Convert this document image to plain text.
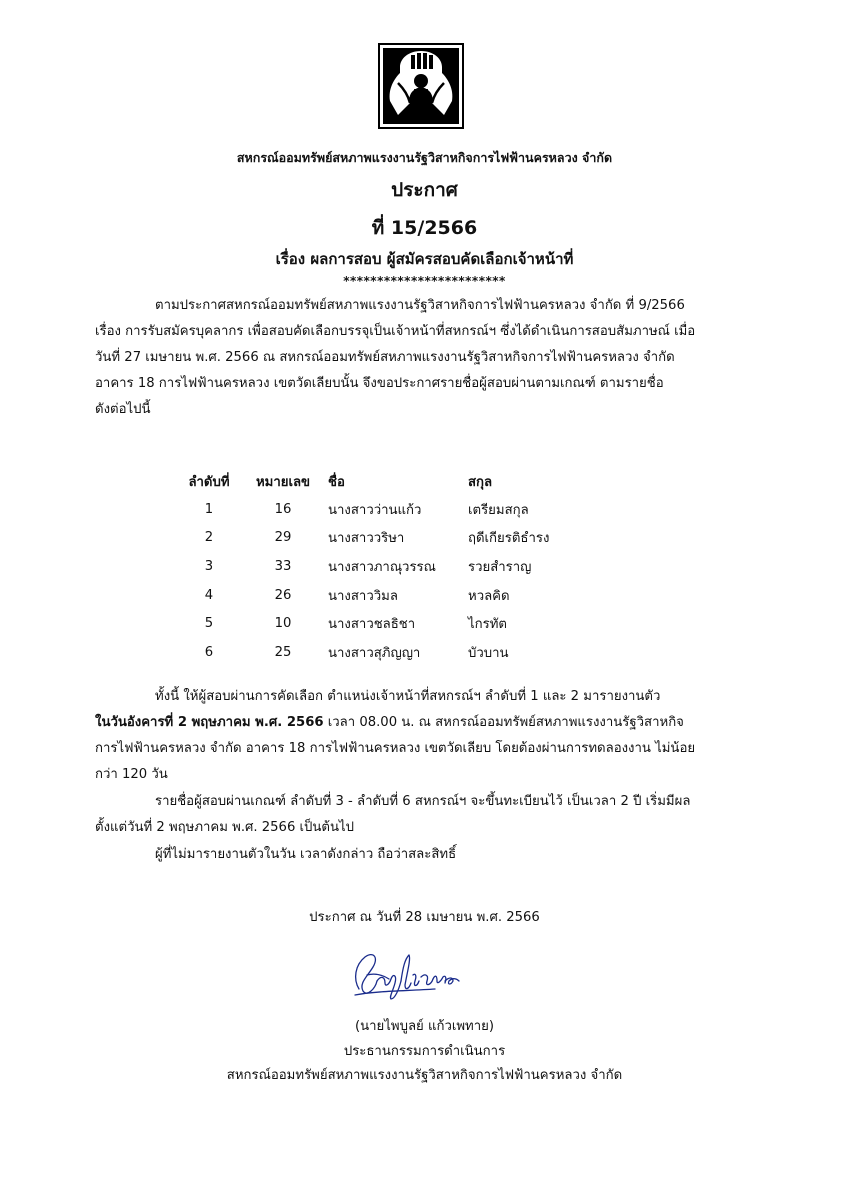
สหกรณ์ออมทรัพย์สหภาพแรงงานรัฐวิสาหกิจการไฟฟ้านครหลวง จำกัด
ประกาศ
ที่ 15/2566
เรื่อง ผลการสอบ ผู้สมัครสอบคัดเลือกเจ้าหน้าที่
************************
ตามประกาศสหกรณ์ออมทรัพย์สหภาพแรงงานรัฐวิสาหกิจการไฟฟ้านครหลวง จำกัด ที่ 9/2566
เรื่อง การรับสมัครบุคลากร เพื่อสอบคัดเลือกบรรจุเป็นเจ้าหน้าที่สหกรณ์ฯ ซึ่งได้ดำเนินการสอบสัมภาษณ์ เมื่อ
วันที่ 27 เมษายน พ.ศ. 2566 ณ สหกรณ์ออมทรัพย์สหภาพแรงงานรัฐวิสาหกิจการไฟฟ้านครหลวง จำกัด
อาคาร 18 การไฟฟ้านครหลวง เขตวัดเลียบนั้น จึงขอประกาศรายชื่อผู้สอบผ่านตามเกณฑ์ ตามรายชื่อ
ดังต่อไปนี้
ลำดับที่	หมายเลข	ชื่อ	สกุล
1	16	นางสาวว่านแก้ว	เตรียมสกุล
2	29	นางสาววริษา	ฤดีเกียรติธำรง
3	33	นางสาวภาณุวรรณ	รวยสำราญ
4	26	นางสาววิมล	หวลคิด
5	10	นางสาวชลธิชา	ไกรทัต
6	25	นางสาวสุภิญญา	บัวบาน
ทั้งนี้ ให้ผู้สอบผ่านการคัดเลือก ตำแหน่งเจ้าหน้าที่สหกรณ์ฯ ลำดับที่ 1 และ 2 มารายงานตัว
ในวันอังคารที่ 2 พฤษภาคม พ.ศ. 2566 เวลา 08.00 น. ณ สหกรณ์ออมทรัพย์สหภาพแรงงานรัฐวิสาหกิจ
การไฟฟ้านครหลวง จำกัด อาคาร 18 การไฟฟ้านครหลวง เขตวัดเลียบ โดยต้องผ่านการทดลองงาน ไม่น้อย
กว่า 120 วัน
รายชื่อผู้สอบผ่านเกณฑ์ ลำดับที่ 3 - ลำดับที่ 6 สหกรณ์ฯ จะขึ้นทะเบียนไว้ เป็นเวลา 2 ปี เริ่มมีผล
ตั้งแต่วันที่ 2 พฤษภาคม พ.ศ. 2566 เป็นต้นไป
ผู้ที่ไม่มารายงานตัวในวัน เวลาดังกล่าว ถือว่าสละสิทธิ์
ประกาศ ณ วันที่ 28 เมษายน พ.ศ. 2566
(นายไพบูลย์ แก้วเพทาย)
ประธานกรรมการดำเนินการ
สหกรณ์ออมทรัพย์สหภาพแรงงานรัฐวิสาหกิจการไฟฟ้านครหลวง จำกัด
